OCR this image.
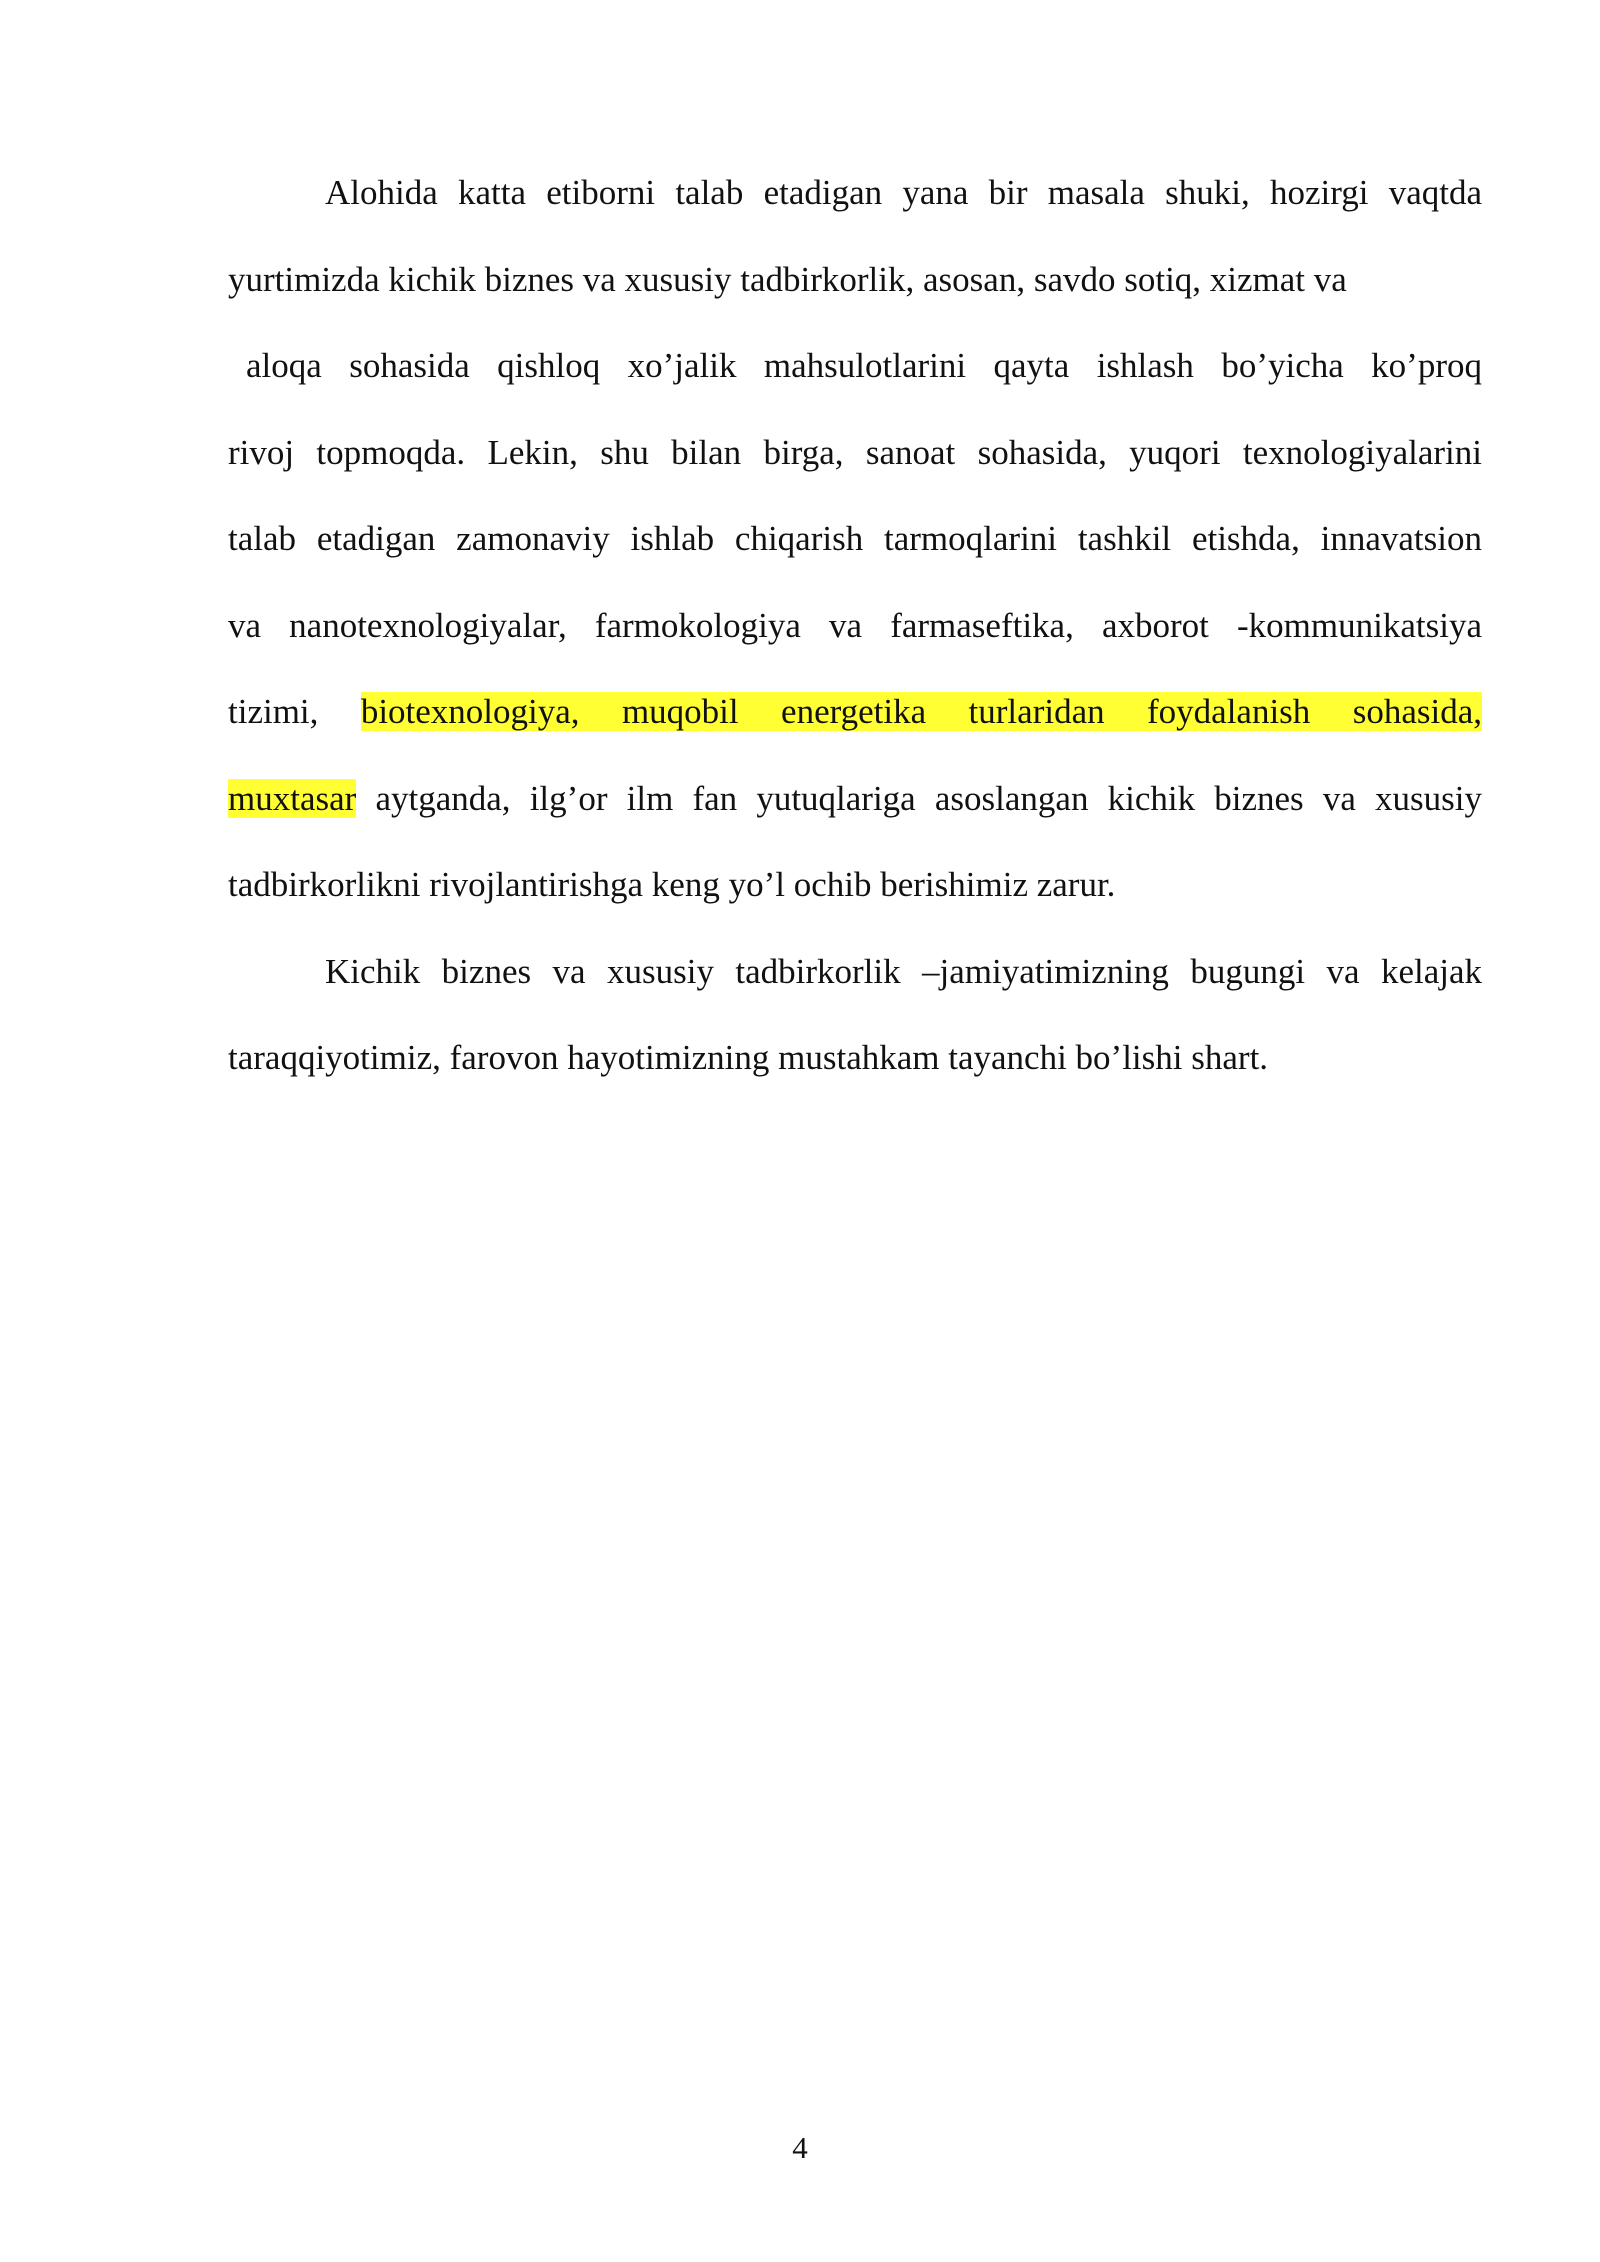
Alohida katta etiborni talab etadigan yana bir masala shuki, hozirgi vaqtda
yurtimizda kichik biznes va xususiy tadbirkorlik, asosan, savdo sotiq, xizmat va
aloqa sohasida qishloq xo’jalik mahsulotlarini qayta ishlash bo’yicha ko’proq
rivoj topmoqda. Lekin, shu bilan birga, sanoat sohasida, yuqori texnologiyalarini
talab etadigan zamonaviy ishlab chiqarish tarmoqlarini tashkil etishda, innavatsion
va nanotexnologiyalar, farmokologiya va farmaseftika, axborot -kommunikatsiya
tizimi, biotexnologiya, muqobil energetika turlaridan foydalanish sohasida,
muxtasar aytganda, ilg’or ilm fan yutuqlariga asoslangan kichik biznes va xususiy
tadbirkorlikni rivojlantirishga keng yo’l ochib berishimiz zarur.
Kichik biznes va xususiy tadbirkorlik –jamiyatimizning bugungi va kelajak
taraqqiyotimiz, farovon hayotimizning mustahkam tayanchi bo’lishi shart.
4
